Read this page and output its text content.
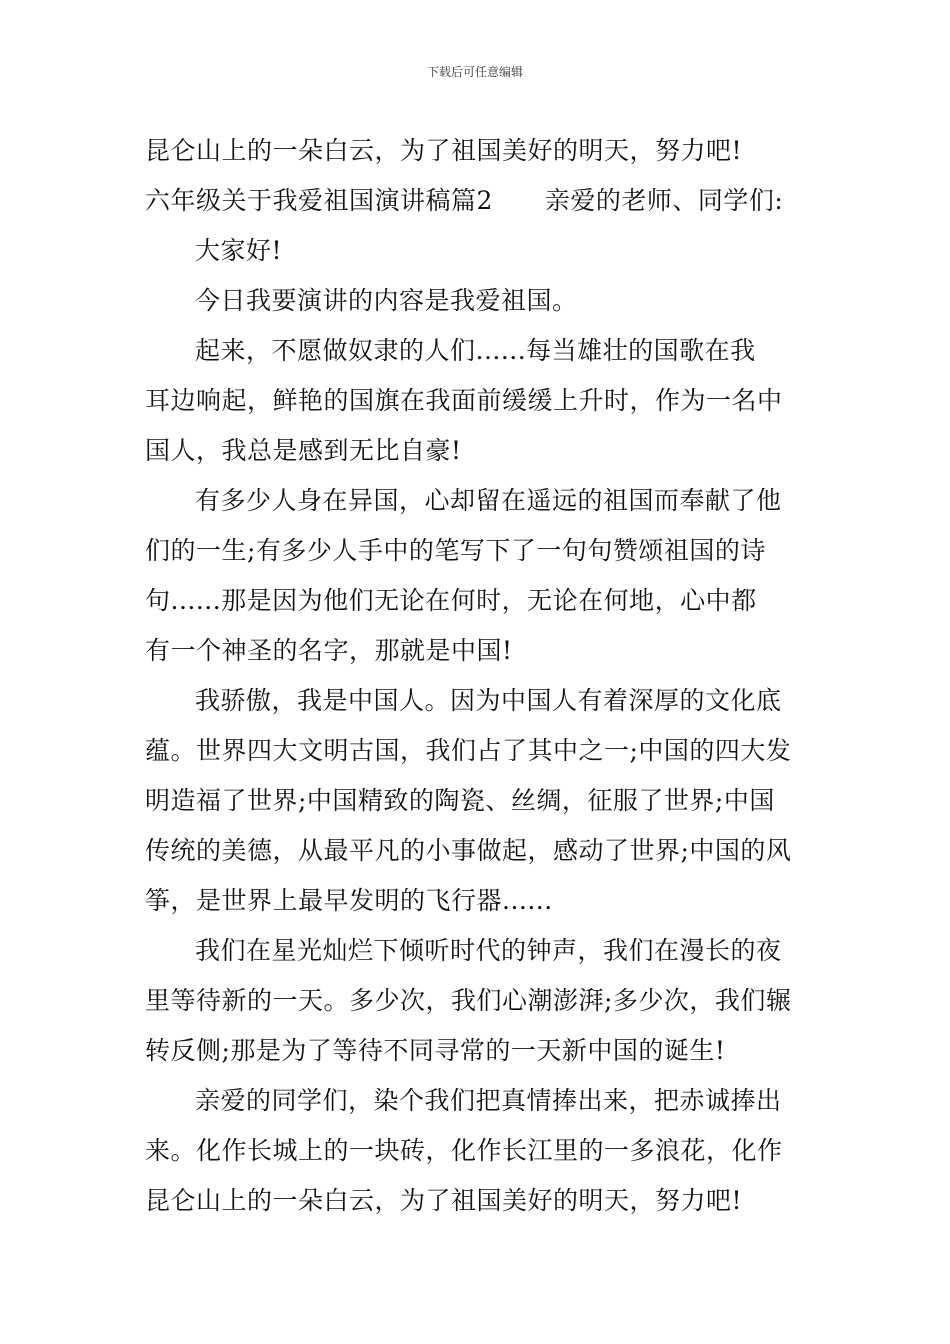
下载后可任意编辑
昆仑山上的一朵白云，为了祖国美好的明天，努力吧!
六年级关于我爱祖国演讲稿篇2 亲爱的老师、同学们:
大家好!
今日我要演讲的内容是我爱祖国。
起来，不愿做奴隶的人们......每当雄壮的国歌在我
耳边响起，鲜艳的国旗在我面前缓缓上升时，作为一名中
国人，我总是感到无比自豪!
有多少人身在异国，心却留在遥远的祖国而奉献了他
们的一生;有多少人手中的笔写下了一句句赞颂祖国的诗
句......那是因为他们无论在何时，无论在何地，心中都
有一个神圣的名字，那就是中国!
我骄傲，我是中国人。因为中国人有着深厚的文化底
蕴。世界四大文明古国，我们占了其中之一;中国的四大发
明造福了世界;中国精致的陶瓷、丝绸，征服了世界;中国
传统的美德，从最平凡的小事做起，感动了世界;中国的风
筝，是世界上最早发明的飞行器......
我们在星光灿烂下倾听时代的钟声，我们在漫长的夜
里等待新的一天。多少次，我们心潮澎湃;多少次，我们辗
转反侧;那是为了等待不同寻常的一天新中国的诞生!
亲爱的同学们，染个我们把真情捧出来，把赤诚捧出
来。化作长城上的一块砖，化作长江里的一多浪花，化作
昆仑山上的一朵白云，为了祖国美好的明天，努力吧!
